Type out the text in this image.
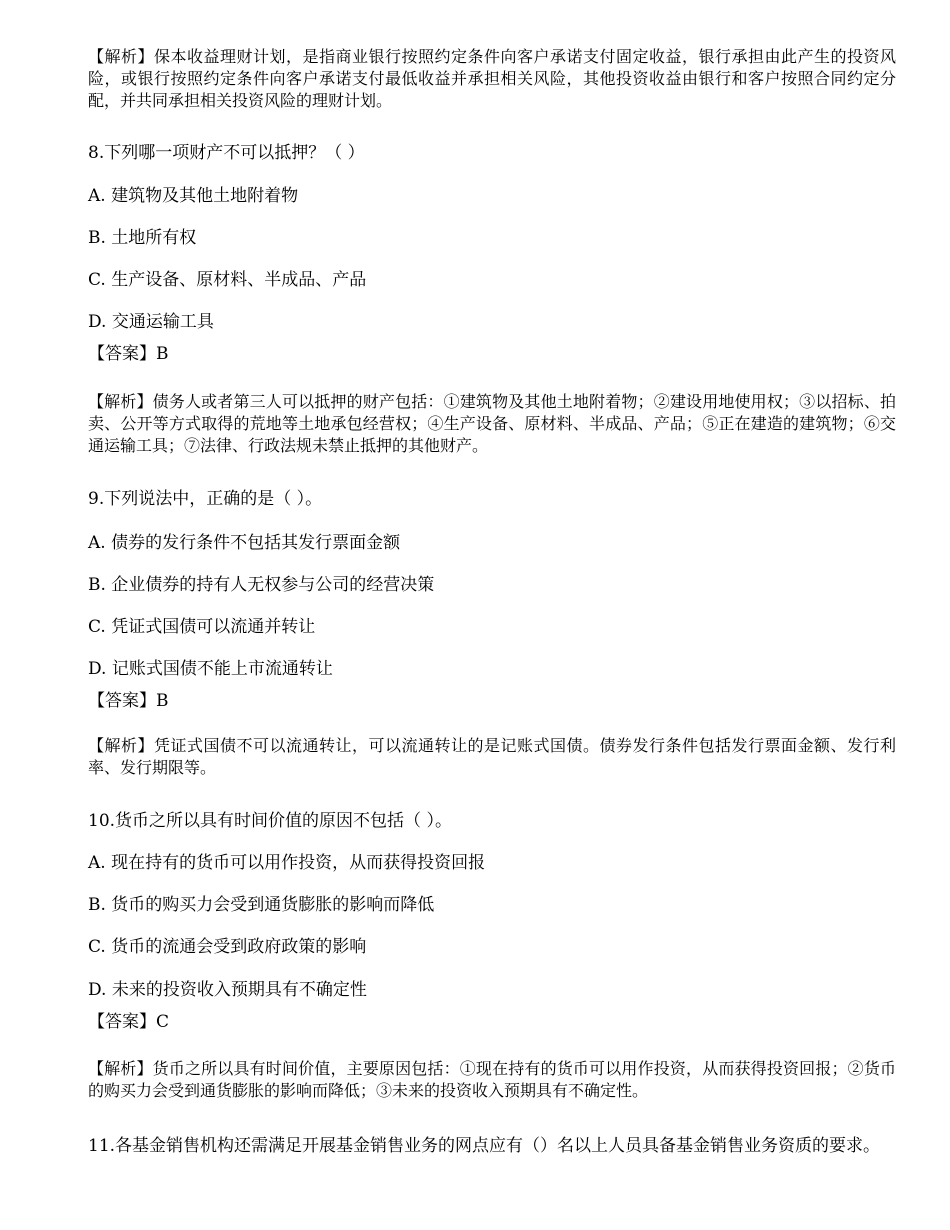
【解析】保本收益理财计划，是指商业银行按照约定条件向客户承诺支付固定收益，银行承担由此产生的投资风险，或银行按照约定条件向客户承诺支付最低收益并承担相关风险，其他投资收益由银行和客户按照合同约定分配，并共同承担相关投资风险的理财计划。

8.下列哪一项财产不可以抵押？（ ）

A. 建筑物及其他土地附着物

B. 土地所有权

C. 生产设备、原材料、半成品、产品

D. 交通运输工具

【答案】B

【解析】债务人或者第三人可以抵押的财产包括：①建筑物及其他土地附着物；②建设用地使用权；③以招标、拍卖、公开等方式取得的荒地等土地承包经营权；④生产设备、原材料、半成品、产品；⑤正在建造的建筑物；⑥交通运输工具；⑦法律、行政法规未禁止抵押的其他财产。

9.下列说法中，正确的是（ ）。

A. 债券的发行条件不包括其发行票面金额

B. 企业债券的持有人无权参与公司的经营决策

C. 凭证式国债可以流通并转让

D. 记账式国债不能上市流通转让

【答案】B

【解析】凭证式国债不可以流通转让，可以流通转让的是记账式国债。债券发行条件包括发行票面金额、发行利率、发行期限等。

10.货币之所以具有时间价值的原因不包括（ ）。

A. 现在持有的货币可以用作投资，从而获得投资回报

B. 货币的购买力会受到通货膨胀的影响而降低

C. 货币的流通会受到政府政策的影响

D. 未来的投资收入预期具有不确定性

【答案】C

【解析】货币之所以具有时间价值，主要原因包括：①现在持有的货币可以用作投资，从而获得投资回报；②货币的购买力会受到通货膨胀的影响而降低；③未来的投资收入预期具有不确定性。

11.各基金销售机构还需满足开展基金销售业务的网点应有（）名以上人员具备基金销售业务资质的要求。
